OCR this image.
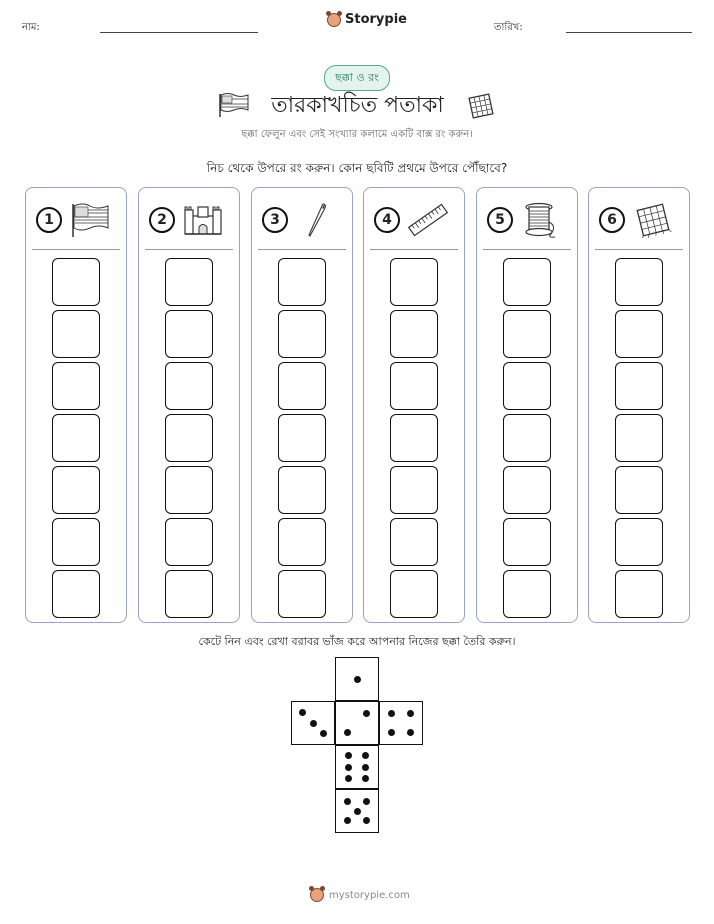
নাম:
Storypie
তারিখ:
ছক্কা ও রং
তারকাখচিত পতাকা
ছক্কা ফেলুন এবং সেই সংখ্যার কলামে একটি বাক্স রং করুন।
নিচ থেকে উপরে রং করুন। কোন ছবিটি প্রথমে উপরে পৌঁছাবে?
1	2	3	4	5	6
কেটে নিন এবং রেখা বরাবর ভাঁজ করে আপনার নিজের ছক্কা তৈরি করুন।
mystorypie.com
